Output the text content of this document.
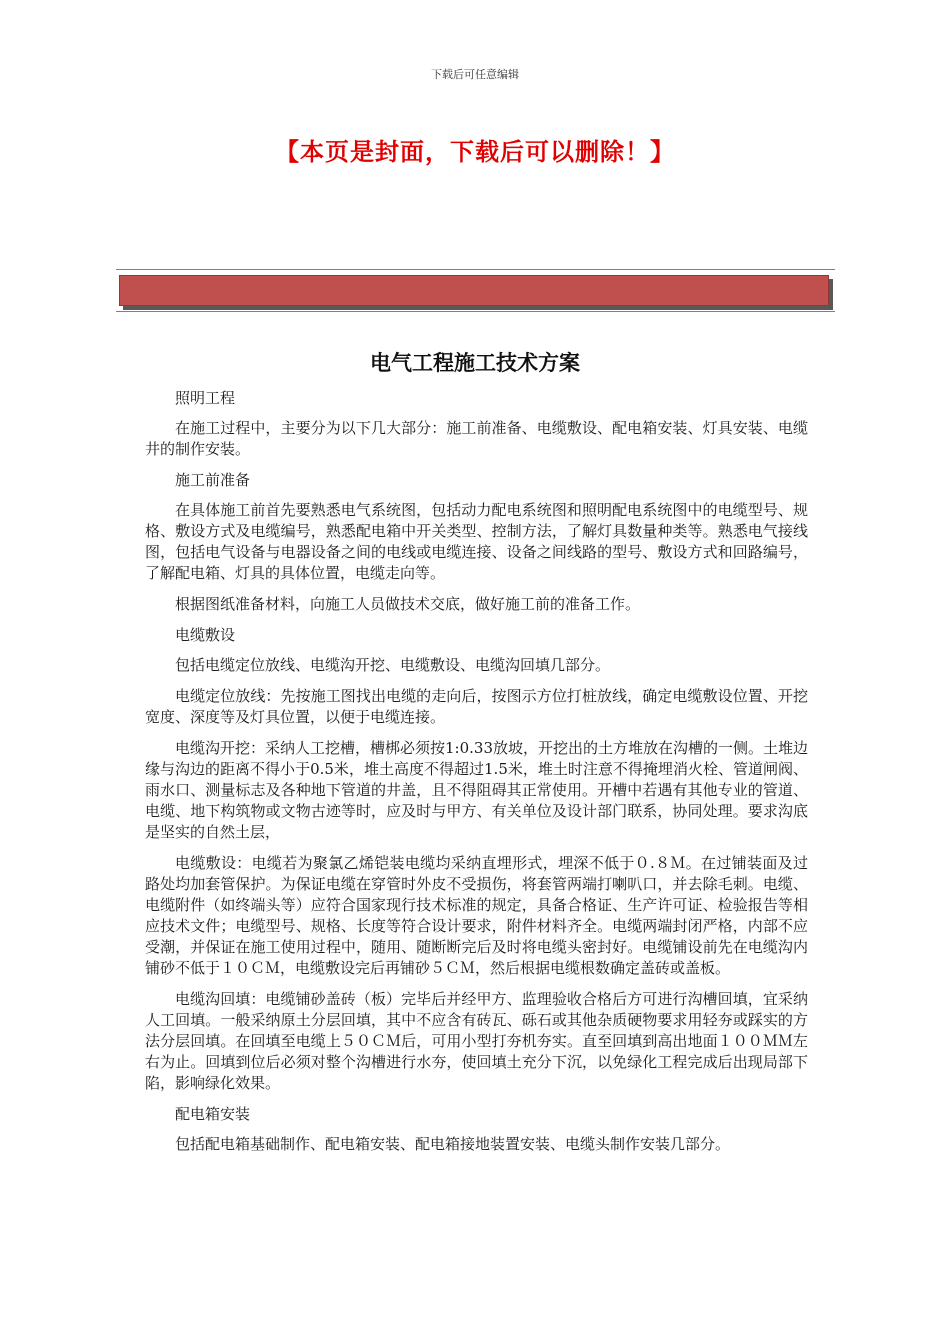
下载后可任意编辑
【本页是封面，下载后可以删除！】
电气工程施工技术方案

照明工程

在施工过程中，主要分为以下几大部分：施工前准备、电缆敷设、配电箱安装、灯具安装、电缆井的制作安装。

施工前准备

在具体施工前首先要熟悉电气系统图，包括动力配电系统图和照明配电系统图中的电缆型号、规格、敷设方式及电缆编号，熟悉配电箱中开关类型、控制方法，了解灯具数量种类等。熟悉电气接线图，包括电气设备与电器设备之间的电线或电缆连接、设备之间线路的型号、敷设方式和回路编号，了解配电箱、灯具的具体位置，电缆走向等。

根据图纸准备材料，向施工人员做技术交底，做好施工前的准备工作。

电缆敷设

包括电缆定位放线、电缆沟开挖、电缆敷设、电缆沟回填几部分。

电缆定位放线：先按施工图找出电缆的走向后，按图示方位打桩放线，确定电缆敷设位置、开挖宽度、深度等及灯具位置，以便于电缆连接。

电缆沟开挖：采纳人工挖槽，槽梆必须按1:0.33放坡，开挖出的土方堆放在沟槽的一侧。土堆边缘与沟边的距离不得小于0.5米，堆土高度不得超过1.5米，堆土时注意不得掩埋消火栓、管道闸阀、雨水口、测量标志及各种地下管道的井盖，且不得阻碍其正常使用。开槽中若遇有其他专业的管道、电缆、地下构筑物或文物古迹等时，应及时与甲方、有关单位及设计部门联系，协同处理。要求沟底是坚实的自然土层，

电缆敷设：电缆若为聚氯乙烯铠装电缆均采纳直埋形式，埋深不低于０.８Ｍ。在过铺装面及过路处均加套管保护。为保证电缆在穿管时外皮不受损伤，将套管两端打喇叭口，并去除毛刺。电缆、电缆附件（如终端头等）应符合国家现行技术标准的规定，具备合格证、生产许可证、检验报告等相应技术文件；电缆型号、规格、长度等符合设计要求，附件材料齐全。电缆两端封闭严格，内部不应受潮，并保证在施工使用过程中，随用、随断断完后及时将电缆头密封好。电缆铺设前先在电缆沟内铺砂不低于１０ＣＭ，电缆敷设完后再铺砂５ＣＭ，然后根据电缆根数确定盖砖或盖板。

电缆沟回填：电缆铺砂盖砖（板）完毕后并经甲方、监理验收合格后方可进行沟槽回填，宜采纳人工回填。一般采纳原土分层回填，其中不应含有砖瓦、砾石或其他杂质硬物要求用轻夯或踩实的方法分层回填。在回填至电缆上５０ＣＭ后，可用小型打夯机夯实。直至回填到高出地面１００ＭＭ左右为止。回填到位后必须对整个沟槽进行水夯，使回填土充分下沉，以免绿化工程完成后出现局部下陷，影响绿化效果。

配电箱安装

包括配电箱基础制作、配电箱安装、配电箱接地装置安装、电缆头制作安装几部分。
